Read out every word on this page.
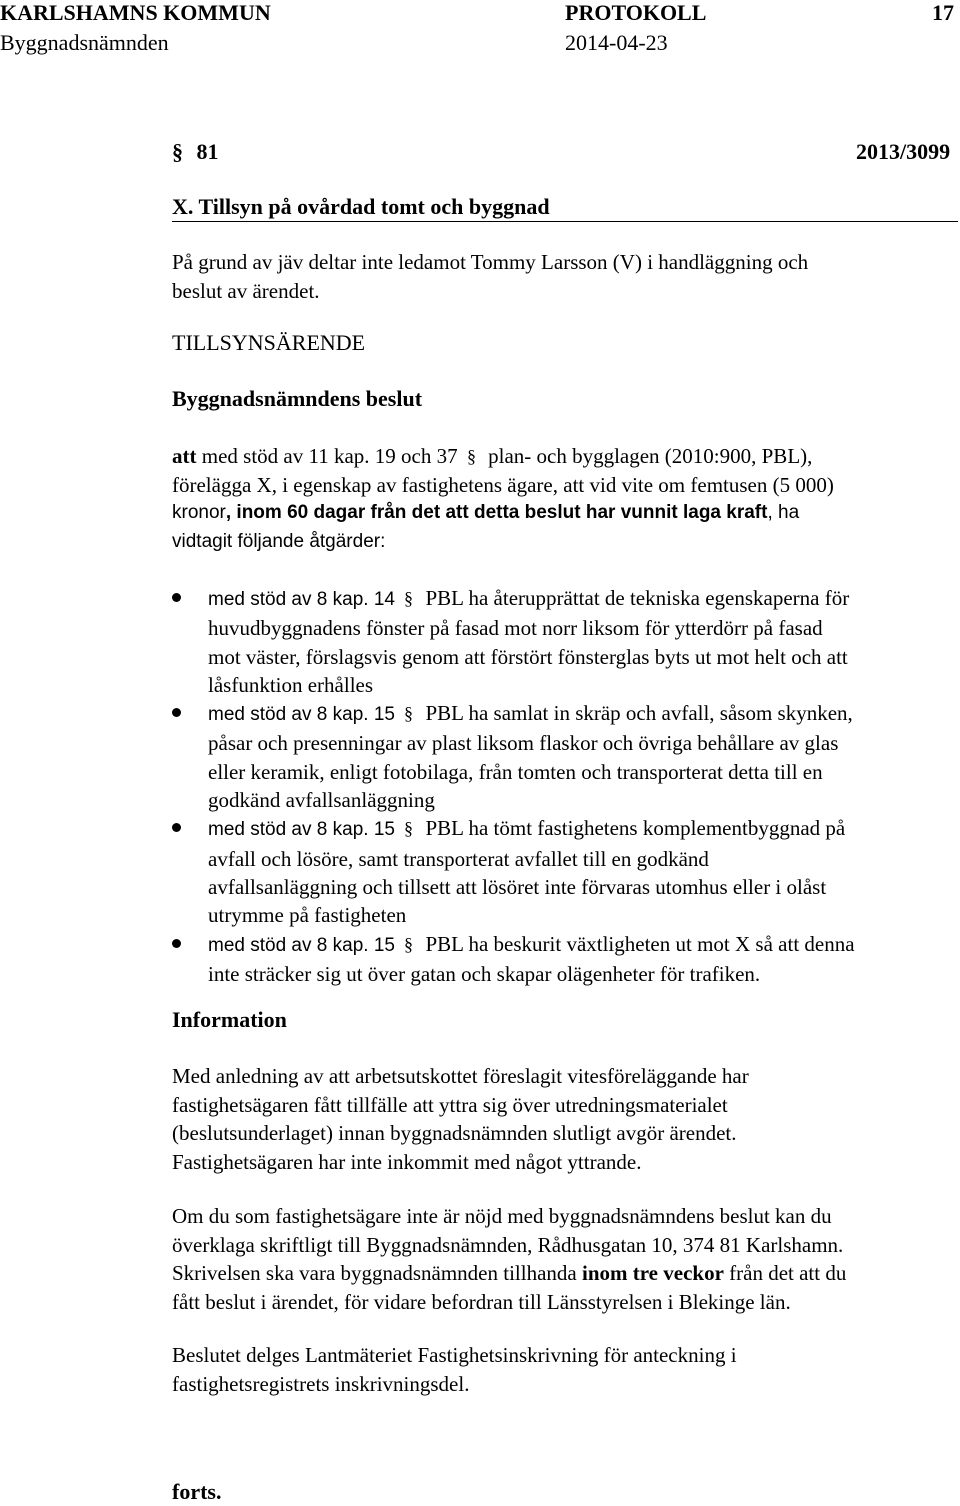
KARLSHAMNS KOMMUN	PROTOKOLL	17
Byggnadsnämnden	2014-04-23
§ 81	2013/3099
X. Tillsyn på ovårdad tomt och byggnad
På grund av jäv deltar inte ledamot Tommy Larsson (V) i handläggning och
beslut av ärendet.
TILLSYNSÄRENDE
Byggnadsnämndens beslut
att med stöd av 11 kap. 19 och 37 § plan- och bygglagen (2010:900, PBL),
förelägga X, i egenskap av fastighetens ägare, att vid vite om femtusen (5 000)
kronor, inom 60 dagar från det att detta beslut har vunnit laga kraft, ha
vidtagit följande åtgärder:
med stöd av 8 kap. 14 § PBL ha återupprättat de tekniska egenskaperna för
huvudbyggnadens fönster på fasad mot norr liksom för ytterdörr på fasad
mot väster, förslagsvis genom att förstört fönsterglas byts ut mot helt och att
låsfunktion erhålles
med stöd av 8 kap. 15 § PBL ha samlat in skräp och avfall, såsom skynken,
påsar och presenningar av plast liksom flaskor och övriga behållare av glas
eller keramik, enligt fotobilaga, från tomten och transporterat detta till en
godkänd avfallsanläggning
med stöd av 8 kap. 15 § PBL ha tömt fastighetens komplementbyggnad på
avfall och lösöre, samt transporterat avfallet till en godkänd
avfallsanläggning och tillsett att lösöret inte förvaras utomhus eller i olåst
utrymme på fastigheten
med stöd av 8 kap. 15 § PBL ha beskurit växtligheten ut mot X så att denna
inte sträcker sig ut över gatan och skapar olägenheter för trafiken.
Information
Med anledning av att arbetsutskottet föreslagit vitesföreläggande har
fastighetsägaren fått tillfälle att yttra sig över utredningsmaterialet
(beslutsunderlaget) innan byggnadsnämnden slutligt avgör ärendet.
Fastighetsägaren har inte inkommit med något yttrande.
Om du som fastighetsägare inte är nöjd med byggnadsnämndens beslut kan du
överklaga skriftligt till Byggnadsnämnden, Rådhusgatan 10, 374 81 Karlshamn.
Skrivelsen ska vara byggnadsnämnden tillhanda inom tre veckor från det att du
fått beslut i ärendet, för vidare befordran till Länsstyrelsen i Blekinge län.
Beslutet delges Lantmäteriet Fastighetsinskrivning för anteckning i
fastighetsregistrets inskrivningsdel.
forts.
